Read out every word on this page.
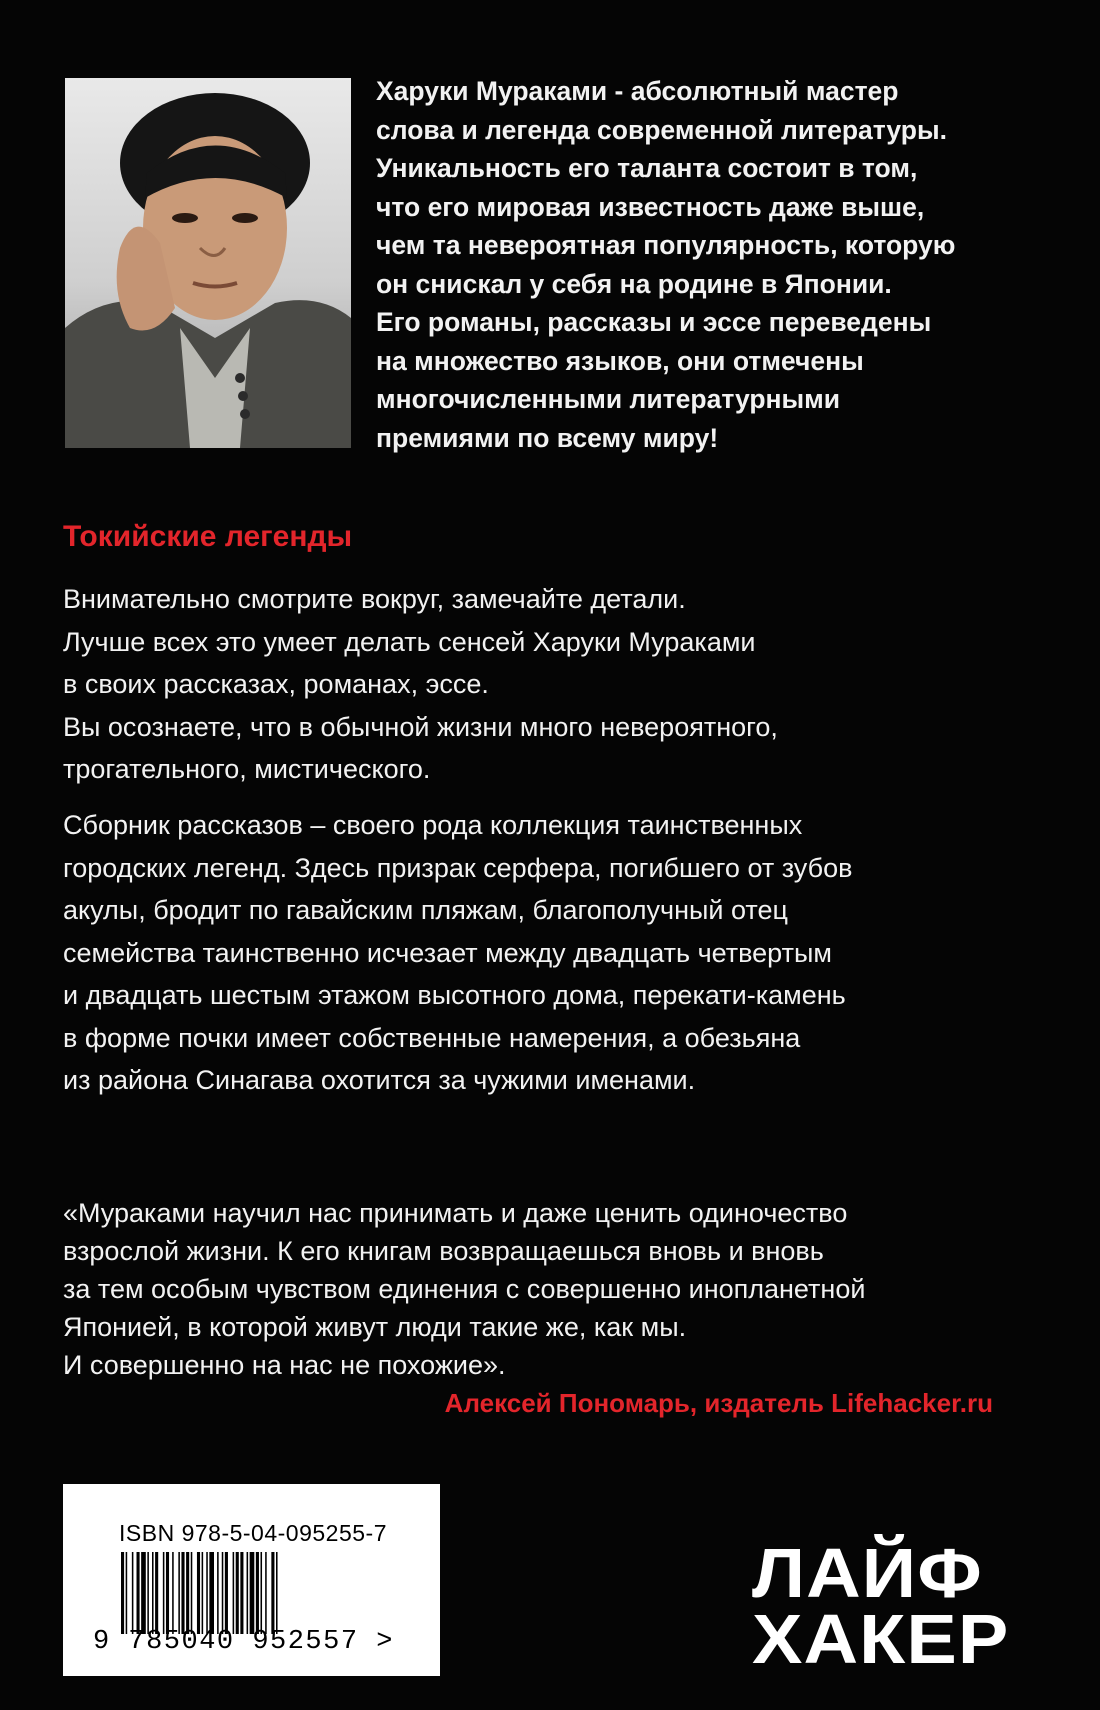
Харуки Мураками - абсолютный мастер
слова и легенда современной литературы.
Уникальность его таланта состоит в том,
что его мировая известность даже выше,
чем та невероятная популярность, которую
он снискал у себя на родине в Японии.
Его романы, рассказы и эссе переведены
на множество языков, они отмечены
многочисленными литературными
премиями по всему миру!
Токийские легенды
Внимательно смотрите вокруг, замечайте детали.
Лучше всех это умеет делать сенсей Харуки Мураками
в своих рассказах, романах, эссе.
Вы осознаете, что в обычной жизни много невероятного,
трогательного, мистического.
Сборник рассказов – своего рода коллекция таинственных
городских легенд. Здесь призрак серфера, погибшего от зубов
акулы, бродит по гавайским пляжам, благополучный отец
семейства таинственно исчезает между двадцать четвертым
и двадцать шестым этажом высотного дома, перекати-камень
в форме почки имеет собственные намерения, а обезьяна
из района Синагава охотится за чужими именами.
«Мураками научил нас принимать и даже ценить одиночество
взрослой жизни. К его книгам возвращаешься вновь и вновь
за тем особым чувством единения с совершенно инопланетной
Японией, в которой живут люди такие же, как мы.
И совершенно на нас не похожие».

Алексей Пономарь, издатель Lifehacker.ru

ISBN 978-5-04-095255-7
9 785040 952557 >
ЛАЙФ
ХАКЕР
